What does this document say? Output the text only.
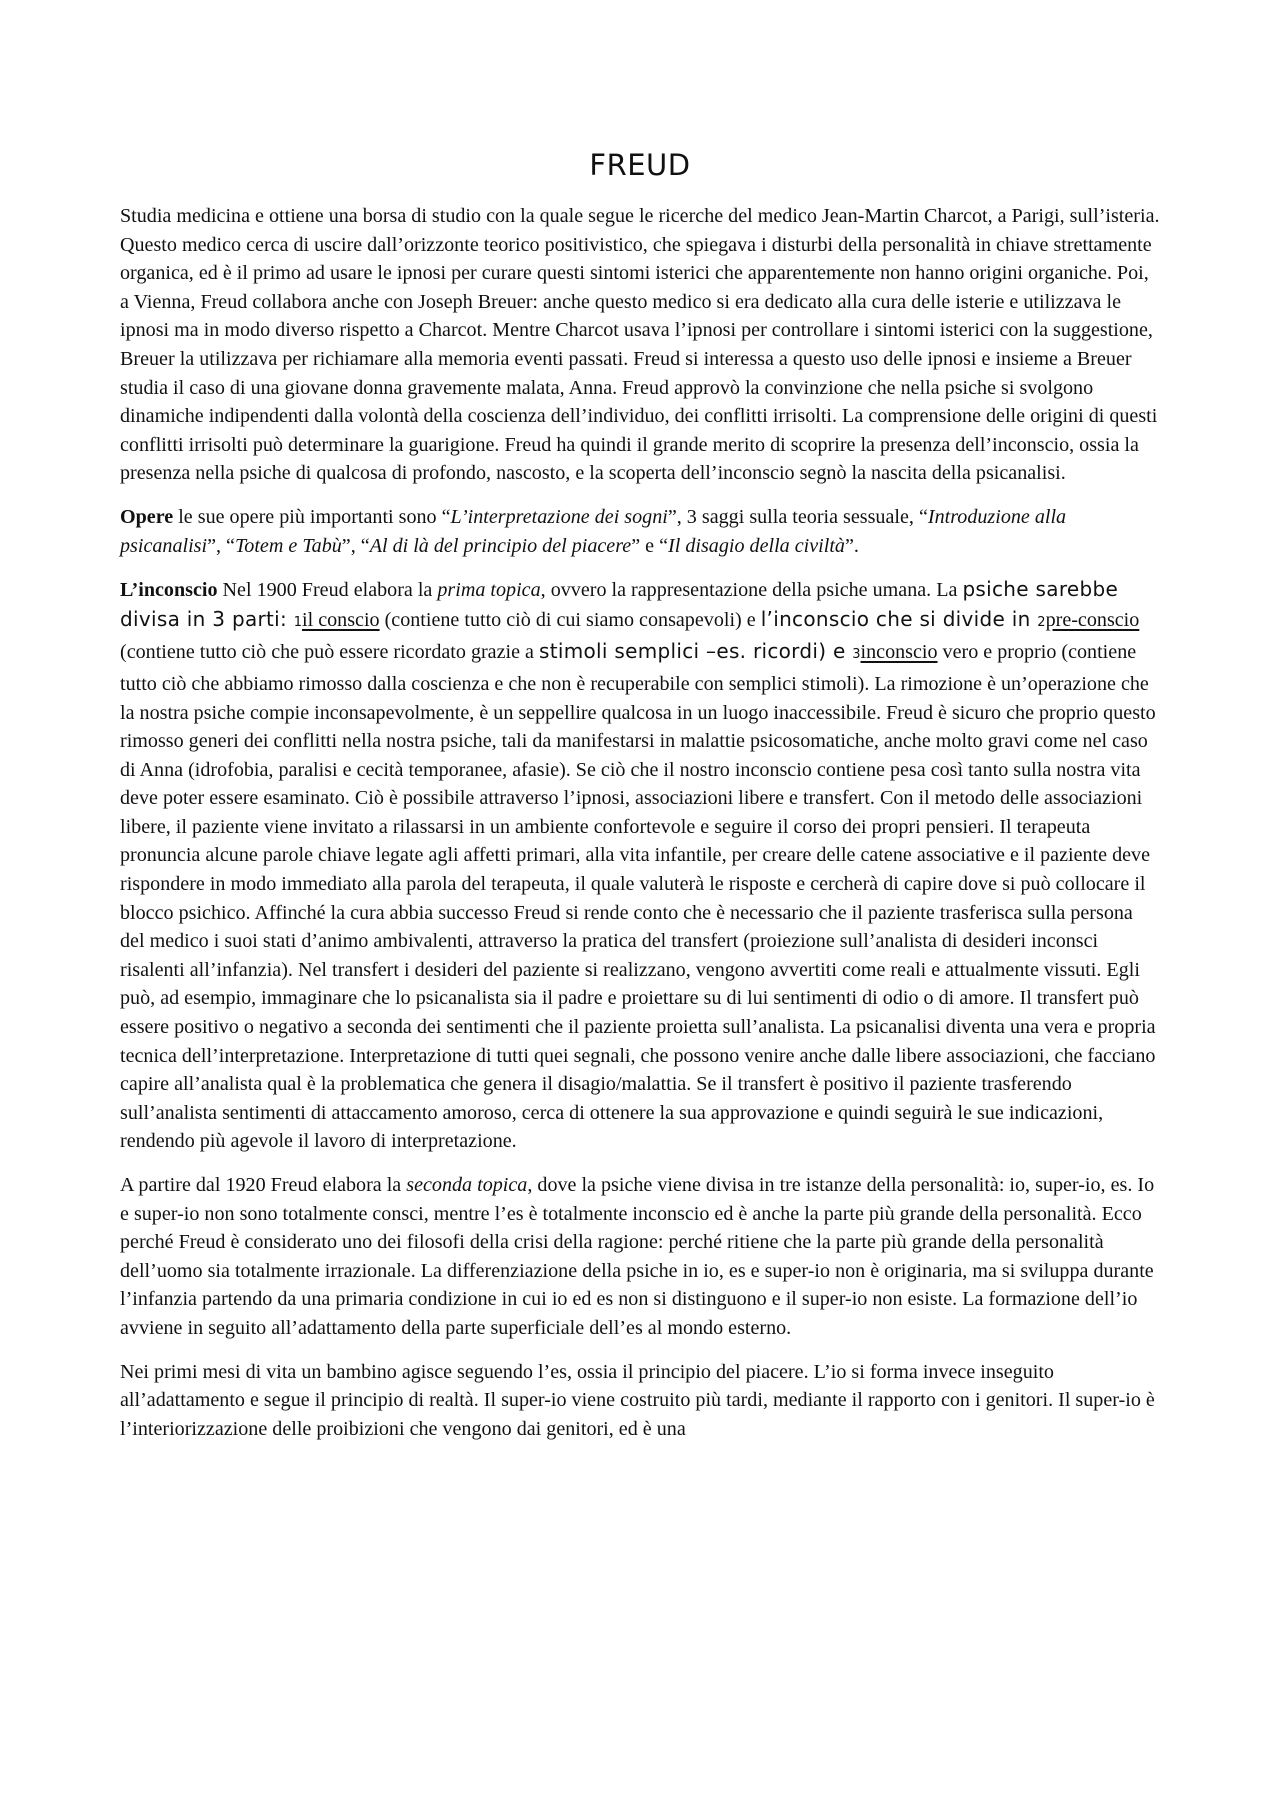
FREUD

Studia medicina e ottiene una borsa di studio con la quale segue le ricerche del medico Jean-Martin Charcot, a Parigi, sull’isteria. Questo medico cerca di uscire dall’orizzonte teorico positivistico, che spiegava i disturbi della personalità in chiave strettamente organica, ed è il primo ad usare le ipnosi per curare questi sintomi isterici che apparentemente non hanno origini organiche. Poi, a Vienna, Freud collabora anche con Joseph Breuer: anche questo medico si era dedicato alla cura delle isterie e utilizzava le ipnosi ma in modo diverso rispetto a Charcot. Mentre Charcot usava l’ipnosi per controllare i sintomi isterici con la suggestione, Breuer la utilizzava per richiamare alla memoria eventi passati. Freud si interessa a questo uso delle ipnosi e insieme a Breuer studia il caso di una giovane donna gravemente malata, Anna. Freud approvò la convinzione che nella psiche si svolgono dinamiche indipendenti dalla volontà della coscienza dell’individuo, dei conflitti irrisolti. La comprensione delle origini di questi conflitti irrisolti può determinare la guarigione. Freud ha quindi il grande merito di scoprire la presenza dell’inconscio, ossia la presenza nella psiche di qualcosa di profondo, nascosto, e la scoperta dell’inconscio segnò la nascita della psicanalisi.

Opere le sue opere più importanti sono “L’interpretazione dei sogni”, 3 saggi sulla teoria sessuale, “Introduzione alla psicanalisi”, “Totem e Tabù”, “Al di là del principio del piacere” e “Il disagio della civiltà”.

L’inconscio Nel 1900 Freud elabora la prima topica, ovvero la rappresentazione della psiche umana. La psiche sarebbe divisa in 3 parti: 1il conscio (contiene tutto ciò di cui siamo consapevoli) e l’inconscio che si divide in 2pre-conscio (contiene tutto ciò che può essere ricordato grazie a stimoli semplici –es. ricordi) e 3inconscio vero e proprio (contiene tutto ciò che abbiamo rimosso dalla coscienza e che non è recuperabile con semplici stimoli). La rimozione è un’operazione che la nostra psiche compie inconsapevolmente, è un seppellire qualcosa in un luogo inaccessibile. Freud è sicuro che proprio questo rimosso generi dei conflitti nella nostra psiche, tali da manifestarsi in malattie psicosomatiche, anche molto gravi come nel caso di Anna (idrofobia, paralisi e cecità temporanee, afasie). Se ciò che il nostro inconscio contiene pesa così tanto sulla nostra vita deve poter essere esaminato. Ciò è possibile attraverso l’ipnosi, associazioni libere e transfert. Con il metodo delle associazioni libere, il paziente viene invitato a rilassarsi in un ambiente confortevole e seguire il corso dei propri pensieri. Il terapeuta pronuncia alcune parole chiave legate agli affetti primari, alla vita infantile, per creare delle catene associative e il paziente deve rispondere in modo immediato alla parola del terapeuta, il quale valuterà le risposte e cercherà di capire dove si può collocare il blocco psichico. Affinché la cura abbia successo Freud si rende conto che è necessario che il paziente trasferisca sulla persona del medico i suoi stati d’animo ambivalenti, attraverso la pratica del transfert (proiezione sull’analista di desideri inconsci risalenti all’infanzia). Nel transfert i desideri del paziente si realizzano, vengono avvertiti come reali e attualmente vissuti. Egli può, ad esempio, immaginare che lo psicanalista sia il padre e proiettare su di lui sentimenti di odio o di amore. Il transfert può essere positivo o negativo a seconda dei sentimenti che il paziente proietta sull’analista. La psicanalisi diventa una vera e propria tecnica dell’interpretazione. Interpretazione di tutti quei segnali, che possono venire anche dalle libere associazioni, che facciano capire all’analista qual è la problematica che genera il disagio/malattia. Se il transfert è positivo il paziente trasferendo sull’analista sentimenti di attaccamento amoroso, cerca di ottenere la sua approvazione e quindi seguirà le sue indicazioni, rendendo più agevole il lavoro di interpretazione.

A partire dal 1920 Freud elabora la seconda topica, dove la psiche viene divisa in tre istanze della personalità: io, super-io, es. Io e super-io non sono totalmente consci, mentre l’es è totalmente inconscio ed è anche la parte più grande della personalità. Ecco perché Freud è considerato uno dei filosofi della crisi della ragione: perché ritiene che la parte più grande della personalità dell’uomo sia totalmente irrazionale. La differenziazione della psiche in io, es e super-io non è originaria, ma si sviluppa durante l’infanzia partendo da una primaria condizione in cui io ed es non si distinguono e il super-io non esiste. La formazione dell’io avviene in seguito all’adattamento della parte superficiale dell’es al mondo esterno.

Nei primi mesi di vita un bambino agisce seguendo l’es, ossia il principio del piacere. L’io si forma invece inseguito all’adattamento e segue il principio di realtà. Il super-io viene costruito più tardi, mediante il rapporto con i genitori. Il super-io è l’interiorizzazione delle proibizioni che vengono dai genitori, ed è una
